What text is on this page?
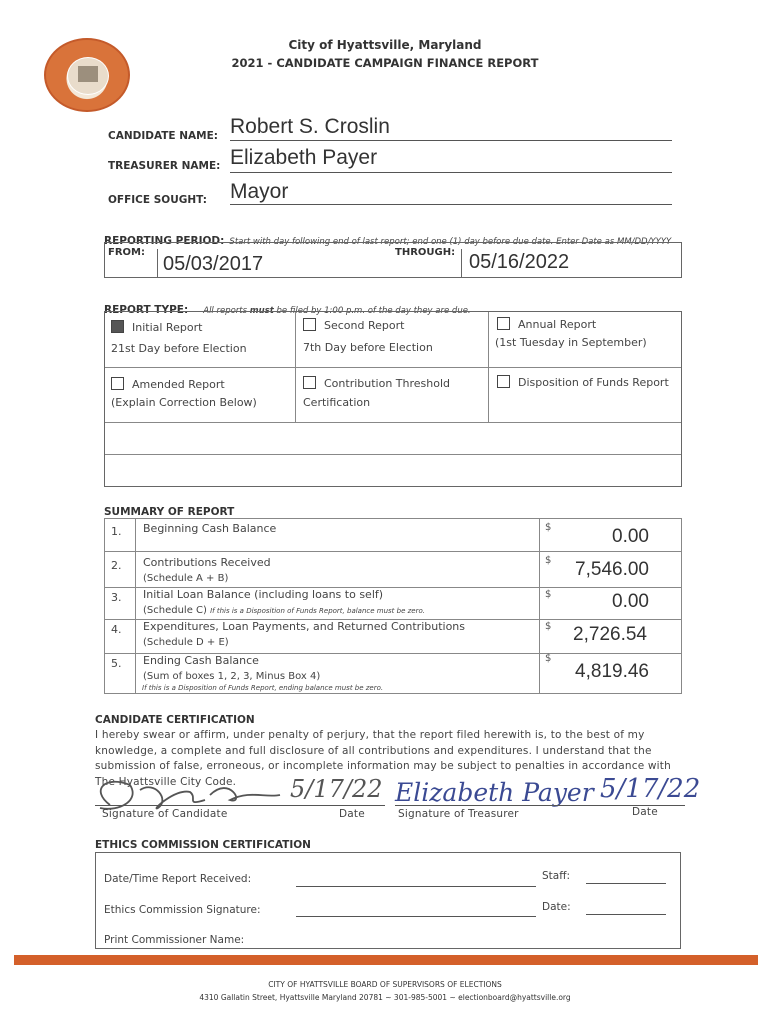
City of Hyattsville, Maryland
2021 - CANDIDATE CAMPAIGN FINANCE REPORT
CANDIDATE NAME: Robert S. Croslin
TREASURER NAME: Elizabeth Payer
OFFICE SOUGHT: Mayor
REPORTING PERIOD: Start with day following end of last report; end one (1) day before due date. Enter Date as MM/DD/YYYY
FROM:
05/03/2017
THROUGH: 05/16/2022
REPORT TYPE: All reports must be filed by 1:00 p.m. of the day they are due.
Initial Report
21st Day before Election
Second Report
7th Day before Election
Annual Report
(1st Tuesday in September)
Amended Report
(Explain Correction Below)
Contribution Threshold
Certification
Disposition of Funds Report
SUMMARY OF REPORT
1. Beginning Cash Balance	$	0.00
2. Contributions Received
(Schedule A + B)
$ 7,546.00
3. Initial Loan Balance (including loans to self)
(Schedule C) If this is a Disposition of Funds Report, balance must be zero.
$	0.00
4. Expenditures, Loan Payments, and Returned Contributions
(Schedule D + E)
$ 2,726.54
5. Ending Cash Balance
(Sum of boxes 1, 2, 3, Minus Box 4)
$
4,819.46
If this is a Disposition of Funds Report, ending balance must be zero.
CANDIDATE CERTIFICATION
I hereby swear or affirm, under penalty of perjury, that the report filed herewith is, to the best of my knowledge, a complete and full disclosure of all contributions and expenditures. I understand that the submission of false, erroneous, or incomplete information may be subject to penalties in accordance with The Hyattsville City Code.	5/17/22 Elizabeth Payer 5/17/22
Signature of Candidate	Date	Signature of Treasurer	Date
ETHICS COMMISSION CERTIFICATION
Date/Time Report Received:	Staff:
Ethics Commission Signature:	Date:
Print Commissioner Name:
CITY OF HYATTSVILLE BOARD OF SUPERVISORS OF ELECTIONS
4310 Gallatin Street, Hyattsville Maryland 20781 ~ 301-985-5001 ~ electionboard@hyattsville.org
